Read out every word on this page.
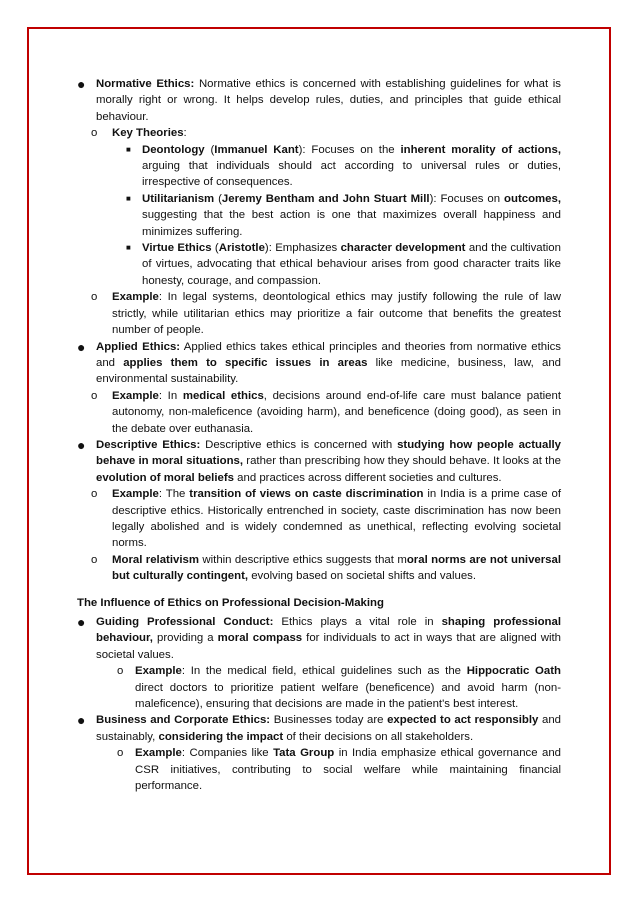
● Normative Ethics: Normative ethics is concerned with establishing guidelines for what is morally right or wrong. It helps develop rules, duties, and principles that guide ethical behaviour.
o Key Theories:
■ Deontology (Immanuel Kant): Focuses on the inherent morality of actions, arguing that individuals should act according to universal rules or duties, irrespective of consequences.
■ Utilitarianism (Jeremy Bentham and John Stuart Mill): Focuses on outcomes, suggesting that the best action is one that maximizes overall happiness and minimizes suffering.
■ Virtue Ethics (Aristotle): Emphasizes character development and the cultivation of virtues, advocating that ethical behaviour arises from good character traits like honesty, courage, and compassion.
o Example: In legal systems, deontological ethics may justify following the rule of law strictly, while utilitarian ethics may prioritize a fair outcome that benefits the greatest number of people.
● Applied Ethics: Applied ethics takes ethical principles and theories from normative ethics and applies them to specific issues in areas like medicine, business, law, and environmental sustainability.
o Example: In medical ethics, decisions around end-of-life care must balance patient autonomy, non-maleficence (avoiding harm), and beneficence (doing good), as seen in the debate over euthanasia.
● Descriptive Ethics: Descriptive ethics is concerned with studying how people actually behave in moral situations, rather than prescribing how they should behave. It looks at the evolution of moral beliefs and practices across different societies and cultures.
o Example: The transition of views on caste discrimination in India is a prime case of descriptive ethics. Historically entrenched in society, caste discrimination has now been legally abolished and is widely condemned as unethical, reflecting evolving societal norms.
o Moral relativism within descriptive ethics suggests that moral norms are not universal but culturally contingent, evolving based on societal shifts and values.
The Influence of Ethics on Professional Decision-Making
● Guiding Professional Conduct: Ethics plays a vital role in shaping professional behaviour, providing a moral compass for individuals to act in ways that are aligned with societal values.
o Example: In the medical field, ethical guidelines such as the Hippocratic Oath direct doctors to prioritize patient welfare (beneficence) and avoid harm (non-maleficence), ensuring that decisions are made in the patient's best interest.
● Business and Corporate Ethics: Businesses today are expected to act responsibly and sustainably, considering the impact of their decisions on all stakeholders.
o Example: Companies like Tata Group in India emphasize ethical governance and CSR initiatives, contributing to social welfare while maintaining financial performance.
